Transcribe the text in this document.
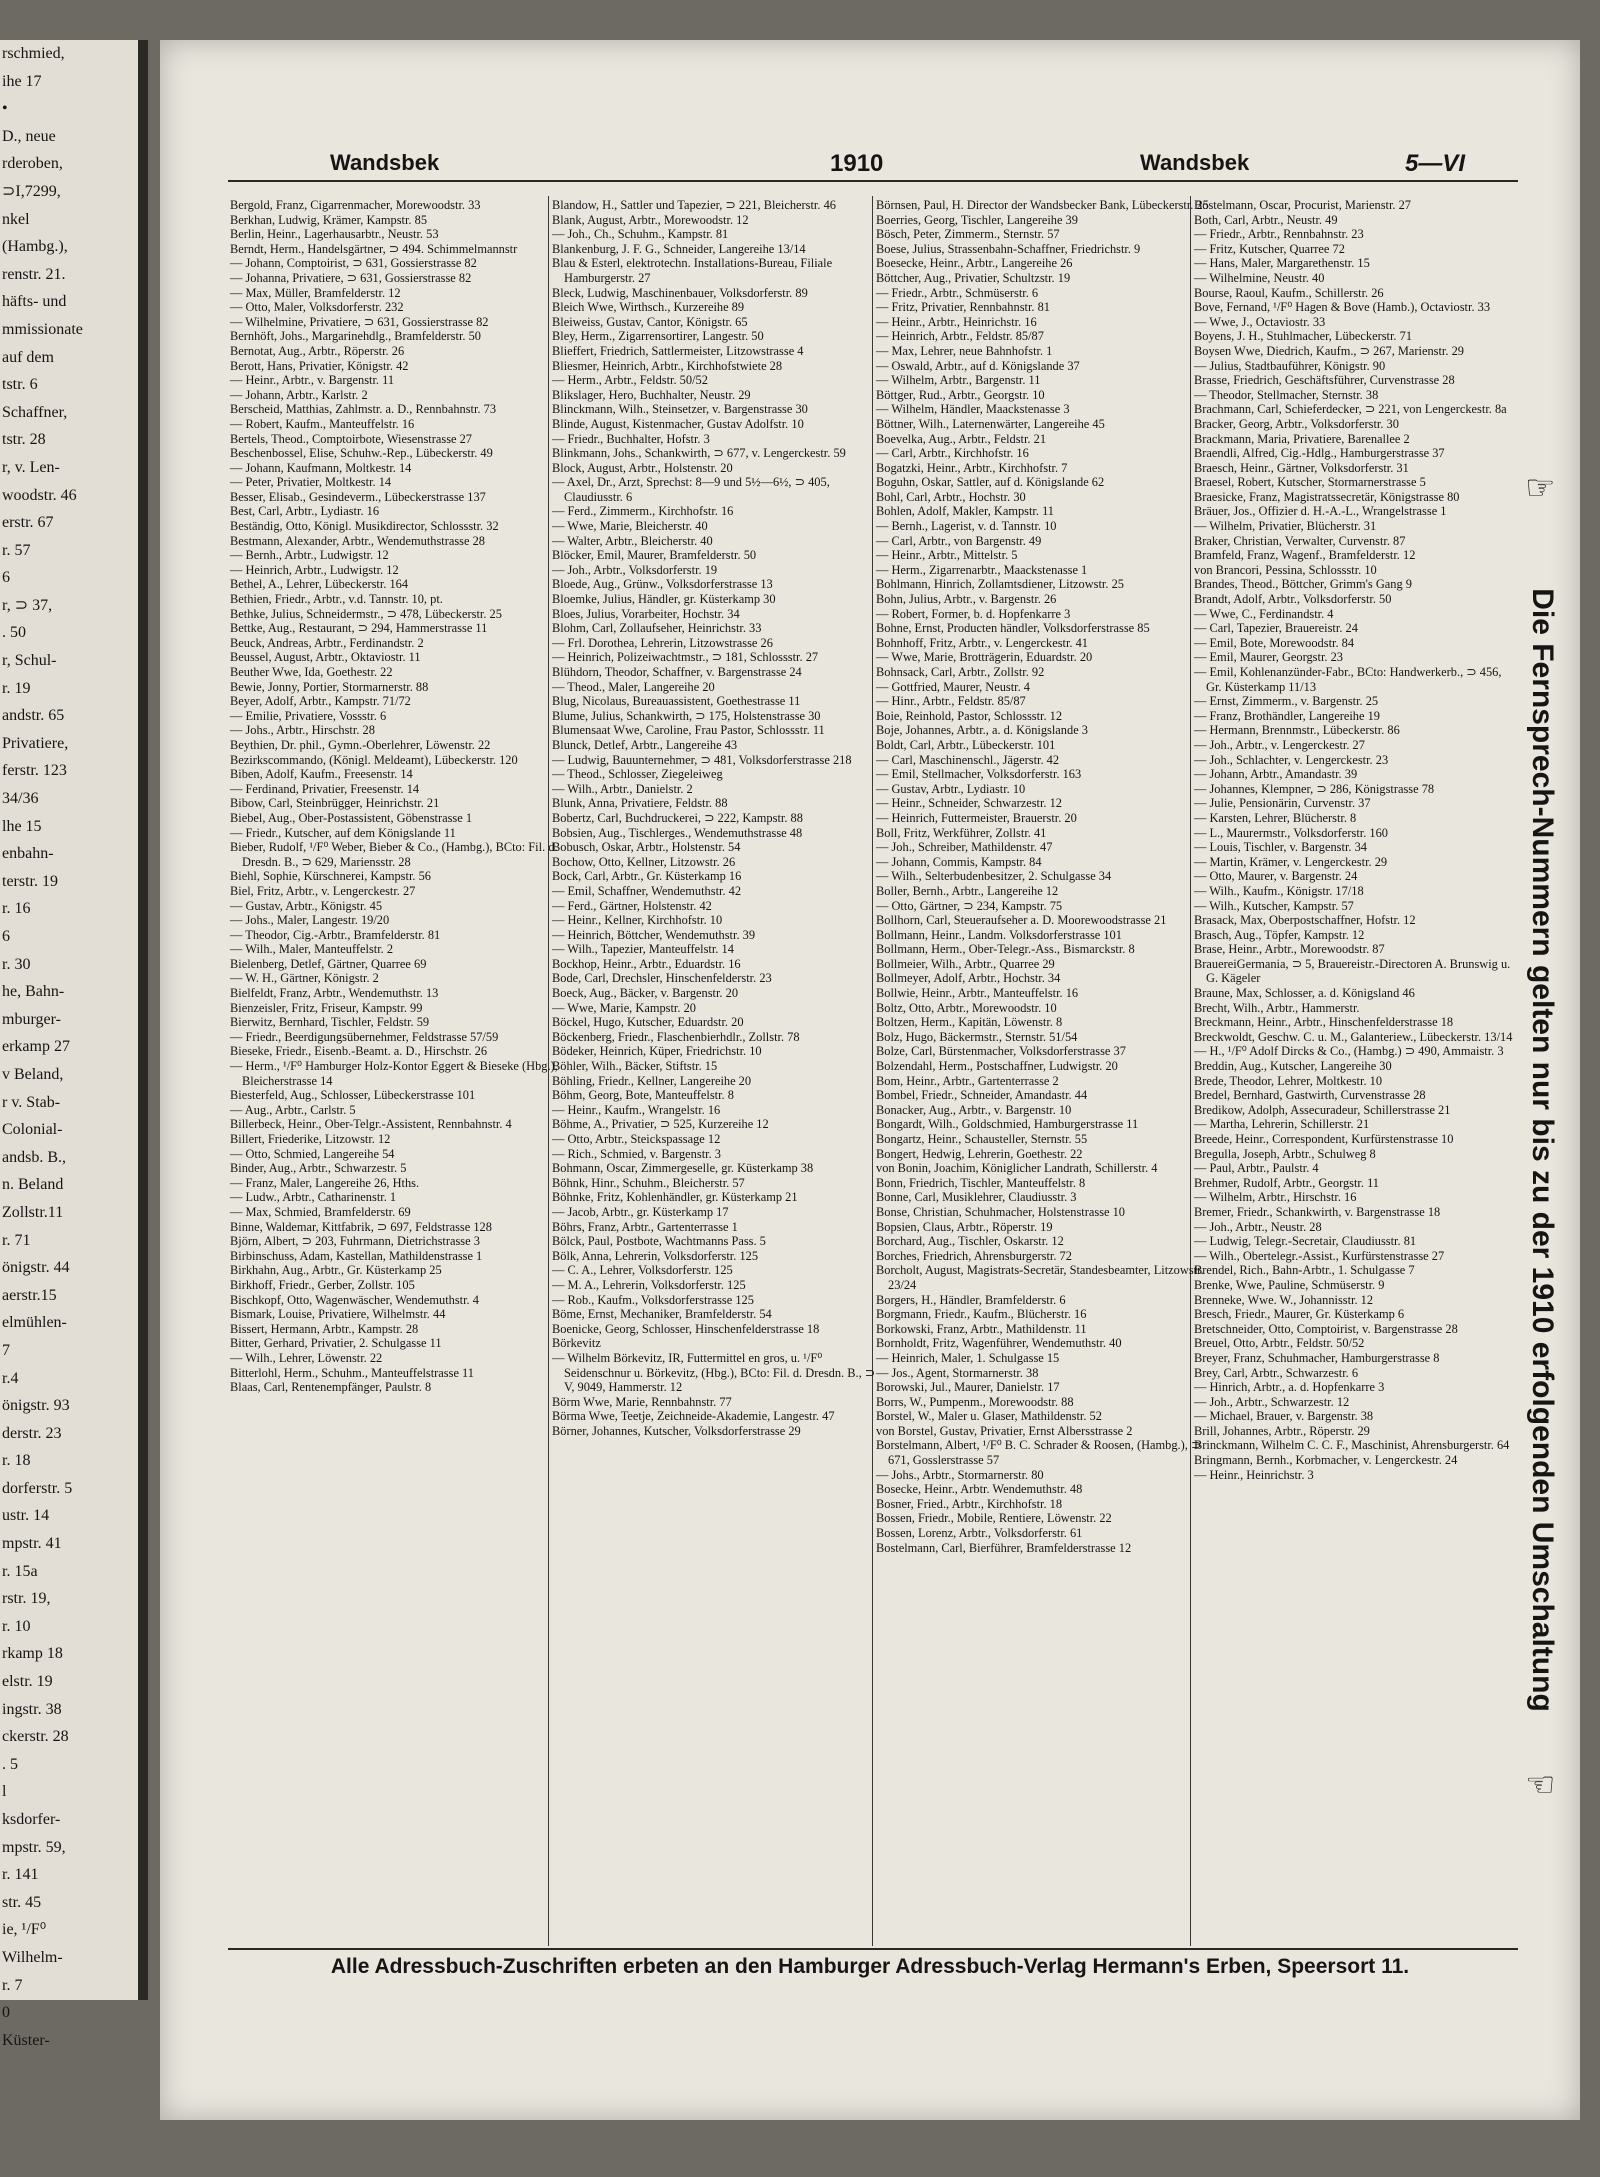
rschmied,
ihe 17
•
D., neue
rderoben,
⊃I,7299,
nkel
(Hambg.),
renstr. 21.
häfts- und
mmissionate
auf dem
tstr. 6
Schaffner,
tstr. 28
r, v. Len-
woodstr. 46
erstr. 67
r. 57
6
r, ⊃ 37,
. 50
r, Schul-
r. 19
andstr. 65
Privatiere,
ferstr. 123
34/36
lhe 15
enbahn-
terstr. 19
r. 16
6
r. 30
he, Bahn-
mburger-
erkamp 27
v Beland,
r v. Stab-
Colonial-
andsb. B.,
n. Beland
Zollstr.11
r. 71
önigstr. 44
aerstr.15
elmühlen-
7
r.4
önigstr. 93
derstr. 23
r. 18
dorferstr. 5
ustr. 14
mpstr. 41
r. 15a
rstr. 19,
r. 10
rkamp 18
elstr. 19
ingstr. 38
ckerstr. 28
. 5
l
ksdorfer-
mpstr. 59,
r. 141
str. 45
ie, ¹/F⁰
Wilhelm-
r. 7
0
Küster-
Wandsbek	1910	Wandsbek	5—VI
Bergold, Franz, Cigarrenmacher, Morewoodstr. 33
Berkhan, Ludwig, Krämer, Kampstr. 85
Berlin, Heinr., Lagerhausarbtr., Neustr. 53
Berndt, Herm., Handelsgärtner, ⊃ 494. Schimmelmannstr
— Johann, Comptoirist, ⊃ 631, Gossierstrasse 82
— Johanna, Privatiere, ⊃ 631, Gossierstrasse 82
— Max, Müller, Bramfelderstr. 12
— Otto, Maler, Volksdorferstr. 232
— Wilhelmine, Privatiere, ⊃ 631, Gossierstrasse 82
Bernhöft, Johs., Margarinehdlg., Bramfelderstr. 50
Bernotat, Aug., Arbtr., Röperstr. 26
Berott, Hans, Privatier, Königstr. 42
— Heinr., Arbtr., v. Bargenstr. 11
— Johann, Arbtr., Karlstr. 2
Berscheid, Matthias, Zahlmstr. a. D., Rennbahnstr. 73
— Robert, Kaufm., Manteuffelstr. 16
Bertels, Theod., Comptoirbote, Wiesenstrasse 27
Beschenbossel, Elise, Schuhw.-Rep., Lübeckerstr. 49
— Johann, Kaufmann, Moltkestr. 14
— Peter, Privatier, Moltkestr. 14
Besser, Elisab., Gesindeverm., Lübeckerstrasse 137
Best, Carl, Arbtr., Lydiastr. 16
Beständig, Otto, Königl. Musikdirector, Schlossstr. 32
Bestmann, Alexander, Arbtr., Wendemuthstrasse 28
— Bernh., Arbtr., Ludwigstr. 12
— Heinrich, Arbtr., Ludwigstr. 12
Bethel, A., Lehrer, Lübeckerstr. 164
Bethien, Friedr., Arbtr., v.d. Tannstr. 10, pt.
Bethke, Julius, Schneidermstr., ⊃ 478, Lübeckerstr. 25
Bettke, Aug., Restaurant, ⊃ 294, Hammerstrasse 11
Beuck, Andreas, Arbtr., Ferdinandstr. 2
Beussel, August, Arbtr., Oktaviostr. 11
Beuther Wwe, Ida, Goethestr. 22
Bewie, Jonny, Portier, Stormarnerstr. 88
Beyer, Adolf, Arbtr., Kampstr. 71/72
— Emilie, Privatiere, Vossstr. 6
— Johs., Arbtr., Hirschstr. 28
Beythien, Dr. phil., Gymn.-Oberlehrer, Löwenstr. 22
Bezirkscommando, (Königl. Meldeamt), Lübeckerstr. 120
Biben, Adolf, Kaufm., Freesenstr. 14
— Ferdinand, Privatier, Freesenstr. 14
Bibow, Carl, Steinbrügger, Heinrichstr. 21
Biebel, Aug., Ober-Postassistent, Göbenstrasse 1
— Friedr., Kutscher, auf dem Königslande 11
Bieber, Rudolf, ¹/F⁰ Weber, Bieber & Co., (Hambg.), BCto: Fil. d. Dresdn. B., ⊃ 629, Mariensstr. 28
Biehl, Sophie, Kürschnerei, Kampstr. 56
Biel, Fritz, Arbtr., v. Lengerckestr. 27
— Gustav, Arbtr., Königstr. 45
— Johs., Maler, Langestr. 19/20
— Theodor, Cig.-Arbtr., Bramfelderstr. 81
— Wilh., Maler, Manteuffelstr. 2
Bielenberg, Detlef, Gärtner, Quarree 69
— W. H., Gärtner, Königstr. 2
Bielfeldt, Franz, Arbtr., Wendemuthstr. 13
Bienzeisler, Fritz, Friseur, Kampstr. 99
Bierwitz, Bernhard, Tischler, Feldstr. 59
— Friedr., Beerdigungsübernehmer, Feldstrasse 57/59
Bieseke, Friedr., Eisenb.-Beamt. a. D., Hirschstr. 26
— Herm., ¹/F⁰ Hamburger Holz-Kontor Eggert & Bieseke (Hbg.), Bleicherstrasse 14
Biesterfeld, Aug., Schlosser, Lübeckerstrasse 101
— Aug., Arbtr., Carlstr. 5
Billerbeck, Heinr., Ober-Telgr.-Assistent, Rennbahnstr. 4
Billert, Friederike, Litzowstr. 12
— Otto, Schmied, Langereihe 54
Binder, Aug., Arbtr., Schwarzestr. 5
— Franz, Maler, Langereihe 26, Hths.
— Ludw., Arbtr., Catharinenstr. 1
— Max, Schmied, Bramfelderstr. 69
Binne, Waldemar, Kittfabrik, ⊃ 697, Feldstrasse 128
Björn, Albert, ⊃ 203, Fuhrmann, Dietrichstrasse 3
Birbinschuss, Adam, Kastellan, Mathildenstrasse 1
Birkhahn, Aug., Arbtr., Gr. Küsterkamp 25
Birkhoff, Friedr., Gerber, Zollstr. 105
Bischkopf, Otto, Wagenwäscher, Wendemuthstr. 4
Bismark, Louise, Privatiere, Wilhelmstr. 44
Bissert, Hermann, Arbtr., Kampstr. 28
Bitter, Gerhard, Privatier, 2. Schulgasse 11
— Wilh., Lehrer, Löwenstr. 22
Bitterlohl, Herm., Schuhm., Manteuffelstrasse 11
Blaas, Carl, Rentenempfänger, Paulstr. 8
Blandow, H., Sattler und Tapezier, ⊃ 221, Bleicherstr. 46
Blank, August, Arbtr., Morewoodstr. 12
— Joh., Ch., Schuhm., Kampstr. 81
Blankenburg, J. F. G., Schneider, Langereihe 13/14
Blau & Esterl, elektrotechn. Installations-Bureau, Filiale Hamburgerstr. 27
Bleck, Ludwig, Maschinenbauer, Volksdorferstr. 89
Bleich Wwe, Wirthsch., Kurzereihe 89
Bleiweiss, Gustav, Cantor, Königstr. 65
Bley, Herm., Zigarrensortirer, Langestr. 50
Blieffert, Friedrich, Sattlermeister, Litzowstrasse 4
Bliesmer, Heinrich, Arbtr., Kirchhofstwiete 28
— Herm., Arbtr., Feldstr. 50/52
Blikslager, Hero, Buchhalter, Neustr. 29
Blinckmann, Wilh., Steinsetzer, v. Bargenstrasse 30
Blinde, August, Kistenmacher, Gustav Adolfstr. 10
— Friedr., Buchhalter, Hofstr. 3
Blinkmann, Johs., Schankwirth, ⊃ 677, v. Lengerckestr. 59
Block, August, Arbtr., Holstenstr. 20
— Axel, Dr., Arzt, Sprechst: 8—9 und 5½—6½, ⊃ 405, Claudiusstr. 6
— Ferd., Zimmerm., Kirchhofstr. 16
— Wwe, Marie, Bleicherstr. 40
— Walter, Arbtr., Bleicherstr. 40
Blöcker, Emil, Maurer, Bramfelderstr. 50
— Joh., Arbtr., Volksdorferstr. 19
Bloede, Aug., Grünw., Volksdorferstrasse 13
Bloemke, Julius, Händler, gr. Küsterkamp 30
Bloes, Julius, Vorarbeiter, Hochstr. 34
Blohm, Carl, Zollaufseher, Heinrichstr. 33
— Frl. Dorothea, Lehrerin, Litzowstrasse 26
— Heinrich, Polizeiwachtmstr., ⊃ 181, Schlossstr. 27
Blühdorn, Theodor, Schaffner, v. Bargenstrasse 24
— Theod., Maler, Langereihe 20
Blug, Nicolaus, Bureauassistent, Goethestrasse 11
Blume, Julius, Schankwirth, ⊃ 175, Holstenstrasse 30
Blumensaat Wwe, Caroline, Frau Pastor, Schlossstr. 11
Blunck, Detlef, Arbtr., Langereihe 43
— Ludwig, Bauunternehmer, ⊃ 481, Volksdorferstrasse 218
— Theod., Schlosser, Ziegeleiweg
— Wilh., Arbtr., Danielstr. 2
Blunk, Anna, Privatiere, Feldstr. 88
Bobertz, Carl, Buchdruckerei, ⊃ 222, Kampstr. 88
Bobsien, Aug., Tischlerges., Wendemuthstrasse 48
Bobusch, Oskar, Arbtr., Holstenstr. 54
Bochow, Otto, Kellner, Litzowstr. 26
Bock, Carl, Arbtr., Gr. Küsterkamp 16
— Emil, Schaffner, Wendemuthstr. 42
— Ferd., Gärtner, Holstenstr. 42
— Heinr., Kellner, Kirchhofstr. 10
— Heinrich, Böttcher, Wendemuthstr. 39
— Wilh., Tapezier, Manteuffelstr. 14
Bockhop, Heinr., Arbtr., Eduardstr. 16
Bode, Carl, Drechsler, Hinschenfelderstr. 23
Boeck, Aug., Bäcker, v. Bargenstr. 20
— Wwe, Marie, Kampstr. 20
Böckel, Hugo, Kutscher, Eduardstr. 20
Böckenberg, Friedr., Flaschenbierhdlr., Zollstr. 78
Bödeker, Heinrich, Küper, Friedrichstr. 10
Böhler, Wilh., Bäcker, Stiftstr. 15
Böhling, Friedr., Kellner, Langereihe 20
Böhm, Georg, Bote, Manteuffelstr. 8
— Heinr., Kaufm., Wrangelstr. 16
Böhme, A., Privatier, ⊃ 525, Kurzereihe 12
— Otto, Arbtr., Steickspassage 12
— Rich., Schmied, v. Bargenstr. 3
Bohmann, Oscar, Zimmergeselle, gr. Küsterkamp 38
Böhnk, Hinr., Schuhm., Bleicherstr. 57
Böhnke, Fritz, Kohlenhändler, gr. Küsterkamp 21
— Jacob, Arbtr., gr. Küsterkamp 17
Böhrs, Franz, Arbtr., Gartenterrasse 1
Bölck, Paul, Postbote, Wachtmanns Pass. 5
Bölk, Anna, Lehrerin, Volksdorferstr. 125
— C. A., Lehrer, Volksdorferstr. 125
— M. A., Lehrerin, Volksdorferstr. 125
— Rob., Kaufm., Volksdorferstrasse 125
Böme, Ernst, Mechaniker, Bramfelderstr. 54
Boenicke, Georg, Schlosser, Hinschenfelderstrasse 18
Börkevitz
— Wilhelm Börkevitz, IR, Futtermittel en gros, u. ¹/F⁰ Seidenschnur u. Börkevitz, (Hbg.), BCto: Fil. d. Dresdn. B., ⊃ V, 9049, Hammerstr. 12
Börm Wwe, Marie, Rennbahnstr. 77
Börma Wwe, Teetje, Zeichneide-Akademie, Langestr. 47
Börner, Johannes, Kutscher, Volksdorferstrasse 29
Börnsen, Paul, H. Director der Wandsbecker Bank, Lübeckerstr. 25
Boerries, Georg, Tischler, Langereihe 39
Bösch, Peter, Zimmerm., Sternstr. 57
Boese, Julius, Strassenbahn-Schaffner, Friedrichstr. 9
Boesecke, Heinr., Arbtr., Langereihe 26
Böttcher, Aug., Privatier, Schultzstr. 19
— Friedr., Arbtr., Schmüserstr. 6
— Fritz, Privatier, Rennbahnstr. 81
— Heinr., Arbtr., Heinrichstr. 16
— Heinrich, Arbtr., Feldstr. 85/87
— Max, Lehrer, neue Bahnhofstr. 1
— Oswald, Arbtr., auf d. Königslande 37
— Wilhelm, Arbtr., Bargenstr. 11
Böttger, Rud., Arbtr., Georgstr. 10
— Wilhelm, Händler, Maackstenasse 3
Böttner, Wilh., Laternenwärter, Langereihe 45
Boevelka, Aug., Arbtr., Feldstr. 21
— Carl, Arbtr., Kirchhofstr. 16
Bogatzki, Heinr., Arbtr., Kirchhofstr. 7
Boguhn, Oskar, Sattler, auf d. Königslande 62
Bohl, Carl, Arbtr., Hochstr. 30
Bohlen, Adolf, Makler, Kampstr. 11
— Bernh., Lagerist, v. d. Tannstr. 10
— Carl, Arbtr., von Bargenstr. 49
— Heinr., Arbtr., Mittelstr. 5
— Herm., Zigarrenarbtr., Maackstenasse 1
Bohlmann, Hinrich, Zollamtsdiener, Litzowstr. 25
Bohn, Julius, Arbtr., v. Bargenstr. 26
— Robert, Former, b. d. Hopfenkarre 3
Bohne, Ernst, Producten händler, Volksdorferstrasse 85
Bohnhoff, Fritz, Arbtr., v. Lengerckestr. 41
— Wwe, Marie, Brotträgerin, Eduardstr. 20
Bohnsack, Carl, Arbtr., Zollstr. 92
— Gottfried, Maurer, Neustr. 4
— Hinr., Arbtr., Feldstr. 85/87
Boie, Reinhold, Pastor, Schlossstr. 12
Boje, Johannes, Arbtr., a. d. Königslande 3
Boldt, Carl, Arbtr., Lübeckerstr. 101
— Carl, Maschinenschl., Jägerstr. 42
— Emil, Stellmacher, Volksdorferstr. 163
— Gustav, Arbtr., Lydiastr. 10
— Heinr., Schneider, Schwarzestr. 12
— Heinrich, Futtermeister, Brauerstr. 20
Boll, Fritz, Werkführer, Zollstr. 41
— Joh., Schreiber, Mathildenstr. 47
— Johann, Commis, Kampstr. 84
— Wilh., Selterbudenbesitzer, 2. Schulgasse 34
Boller, Bernh., Arbtr., Langereihe 12
— Otto, Gärtner, ⊃ 234, Kampstr. 75
Bollhorn, Carl, Steueraufseher a. D. Moorewoodstrasse 21
Bollmann, Heinr., Landm. Volksdorferstrasse 101
Bollmann, Herm., Ober-Telegr.-Ass., Bismarckstr. 8
Bollmeier, Wilh., Arbtr., Quarree 29
Bollmeyer, Adolf, Arbtr., Hochstr. 34
Bollwie, Heinr., Arbtr., Manteuffelstr. 16
Boltz, Otto, Arbtr., Morewoodstr. 10
Boltzen, Herm., Kapitän, Löwenstr. 8
Bolz, Hugo, Bäckermstr., Sternstr. 51/54
Bolze, Carl, Bürstenmacher, Volksdorferstrasse 37
Bolzendahl, Herm., Postschaffner, Ludwigstr. 20
Bom, Heinr., Arbtr., Gartenterrasse 2
Bombel, Friedr., Schneider, Amandastr. 44
Bonacker, Aug., Arbtr., v. Bargenstr. 10
Bongardt, Wilh., Goldschmied, Hamburgerstrasse 11
Bongartz, Heinr., Schausteller, Sternstr. 55
Bongert, Hedwig, Lehrerin, Goethestr. 22
von Bonin, Joachim, Königlicher Landrath, Schillerstr. 4
Bonn, Friedrich, Tischler, Manteuffelstr. 8
Bonne, Carl, Musiklehrer, Claudiusstr. 3
Bonse, Christian, Schuhmacher, Holstenstrasse 10
Bopsien, Claus, Arbtr., Röperstr. 19
Borchard, Aug., Tischler, Oskarstr. 12
Borches, Friedrich, Ahrensburgerstr. 72
Borcholt, August, Magistrats-Secretär, Standesbeamter, Litzowstr. 23/24
Borgers, H., Händler, Bramfelderstr. 6
Borgmann, Friedr., Kaufm., Blücherstr. 16
Borkowski, Franz, Arbtr., Mathildenstr. 11
Bornholdt, Fritz, Wagenführer, Wendemuthstr. 40
— Heinrich, Maler, 1. Schulgasse 15
— Jos., Agent, Stormarnerstr. 38
Borowski, Jul., Maurer, Danielstr. 17
Borrs, W., Pumpenm., Morewoodstr. 88
Borstel, W., Maler u. Glaser, Mathildenstr. 52
von Borstel, Gustav, Privatier, Ernst Albersstrasse 2
Borstelmann, Albert, ¹/F⁰ B. C. Schrader & Roosen, (Hambg.), ⊃ 671, Gosslerstrasse 57
— Johs., Arbtr., Stormarnerstr. 80
Bosecke, Heinr., Arbtr. Wendemuthstr. 48
Bosner, Fried., Arbtr., Kirchhofstr. 18
Bossen, Friedr., Mobile, Rentiere, Löwenstr. 22
Bossen, Lorenz, Arbtr., Volksdorferstr. 61
Bostelmann, Carl, Bierführer, Bramfelderstrasse 12
Bostelmann, Oscar, Procurist, Marienstr. 27
Both, Carl, Arbtr., Neustr. 49
— Friedr., Arbtr., Rennbahnstr. 23
— Fritz, Kutscher, Quarree 72
— Hans, Maler, Margarethenstr. 15
— Wilhelmine, Neustr. 40
Bourse, Raoul, Kaufm., Schillerstr. 26
Bove, Fernand, ¹/F⁰ Hagen & Bove (Hamb.), Octaviostr. 33
— Wwe, J., Octaviostr. 33
Boyens, J. H., Stuhlmacher, Lübeckerstr. 71
Boysen Wwe, Diedrich, Kaufm., ⊃ 267, Marienstr. 29
— Julius, Stadtbauführer, Königstr. 90
Brasse, Friedrich, Geschäftsführer, Curvenstrasse 28
— Theodor, Stellmacher, Sternstr. 38
Brachmann, Carl, Schieferdecker, ⊃ 221, von Lengerckestr. 8a
Bracker, Georg, Arbtr., Volksdorferstr. 30
Brackmann, Maria, Privatiere, Barenallee 2
Braendli, Alfred, Cig.-Hdlg., Hamburgerstrasse 37
Braesch, Heinr., Gärtner, Volksdorferstr. 31
Braesel, Robert, Kutscher, Stormarnerstrasse 5
Braesicke, Franz, Magistratssecretär, Königstrasse 80
Bräuer, Jos., Offizier d. H.-A.-L., Wrangelstrasse 1
— Wilhelm, Privatier, Blücherstr. 31
Braker, Christian, Verwalter, Curvenstr. 87
Bramfeld, Franz, Wagenf., Bramfelderstr. 12
von Brancori, Pessina, Schlossstr. 10
Brandes, Theod., Böttcher, Grimm's Gang 9
Brandt, Adolf, Arbtr., Volksdorferstr. 50
— Wwe, C., Ferdinandstr. 4
— Carl, Tapezier, Brauereistr. 24
— Emil, Bote, Morewoodstr. 84
— Emil, Maurer, Georgstr. 23
— Emil, Kohlenanzünder-Fabr., BCto: Handwerkerb., ⊃ 456, Gr. Küsterkamp 11/13
— Ernst, Zimmerm., v. Bargenstr. 25
— Franz, Brothändler, Langereihe 19
— Hermann, Brennmstr., Lübeckerstr. 86
— Joh., Arbtr., v. Lengerckestr. 27
— Joh., Schlachter, v. Lengerckestr. 23
— Johann, Arbtr., Amandastr. 39
— Johannes, Klempner, ⊃ 286, Königstrasse 78
— Julie, Pensionärin, Curvenstr. 37
— Karsten, Lehrer, Blücherstr. 8
— L., Maurermstr., Volksdorferstr. 160
— Louis, Tischler, v. Bargenstr. 34
— Martin, Krämer, v. Lengerckestr. 29
— Otto, Maurer, v. Bargenstr. 24
— Wilh., Kaufm., Königstr. 17/18
— Wilh., Kutscher, Kampstr. 57
Brasack, Max, Oberpostschaffner, Hofstr. 12
Brasch, Aug., Töpfer, Kampstr. 12
Brase, Heinr., Arbtr., Morewoodstr. 87
BrauereiGermania, ⊃ 5, Brauereistr.-Directoren A. Brunswig u. G. Kägeler
Braune, Max, Schlosser, a. d. Königsland 46
Brecht, Wilh., Arbtr., Hammerstr.
Breckmann, Heinr., Arbtr., Hinschenfelderstrasse 18
Breckwoldt, Geschw. C. u. M., Galanteriew., Lübeckerstr. 13/14
— H., ¹/F⁰ Adolf Dircks & Co., (Hambg.) ⊃ 490, Ammaistr. 3
Breddin, Aug., Kutscher, Langereihe 30
Brede, Theodor, Lehrer, Moltkestr. 10
Bredel, Bernhard, Gastwirth, Curvenstrasse 28
Bredikow, Adolph, Assecuradeur, Schillerstrasse 21
— Martha, Lehrerin, Schillerstr. 21
Breede, Heinr., Correspondent, Kurfürstenstrasse 10
Bregulla, Joseph, Arbtr., Schulweg 8
— Paul, Arbtr., Paulstr. 4
Brehmer, Rudolf, Arbtr., Georgstr. 11
— Wilhelm, Arbtr., Hirschstr. 16
Bremer, Friedr., Schankwirth, v. Bargenstrasse 18
— Joh., Arbtr., Neustr. 28
— Ludwig, Telegr.-Secretair, Claudiusstr. 81
— Wilh., Obertelegr.-Assist., Kurfürstenstrasse 27
Brendel, Rich., Bahn-Arbtr., 1. Schulgasse 7
Brenke, Wwe, Pauline, Schmüserstr. 9
Brenneke, Wwe. W., Johannisstr. 12
Bresch, Friedr., Maurer, Gr. Küsterkamp 6
Bretschneider, Otto, Comptoirist, v. Bargenstrasse 28
Breuel, Otto, Arbtr., Feldstr. 50/52
Breyer, Franz, Schuhmacher, Hamburgerstrasse 8
Brey, Carl, Arbtr., Schwarzestr. 6
— Hinrich, Arbtr., a. d. Hopfenkarre 3
— Joh., Arbtr., Schwarzestr. 12
— Michael, Brauer, v. Bargenstr. 38
Brill, Johannes, Arbtr., Röperstr. 29
Brinckmann, Wilhelm C. C. F., Maschinist, Ahrensburgerstr. 64
Bringmann, Bernh., Korbmacher, v. Lengerckestr. 24
— Heinr., Heinrichstr. 3	Die Fernsprech-Nummern gelten nur bis zu der 1910 erfolgenden Umschaltung
☞
☜
Alle Adressbuch-Zuschriften erbeten an den Hamburger Adressbuch-Verlag Hermann's Erben, Speersort 11.
